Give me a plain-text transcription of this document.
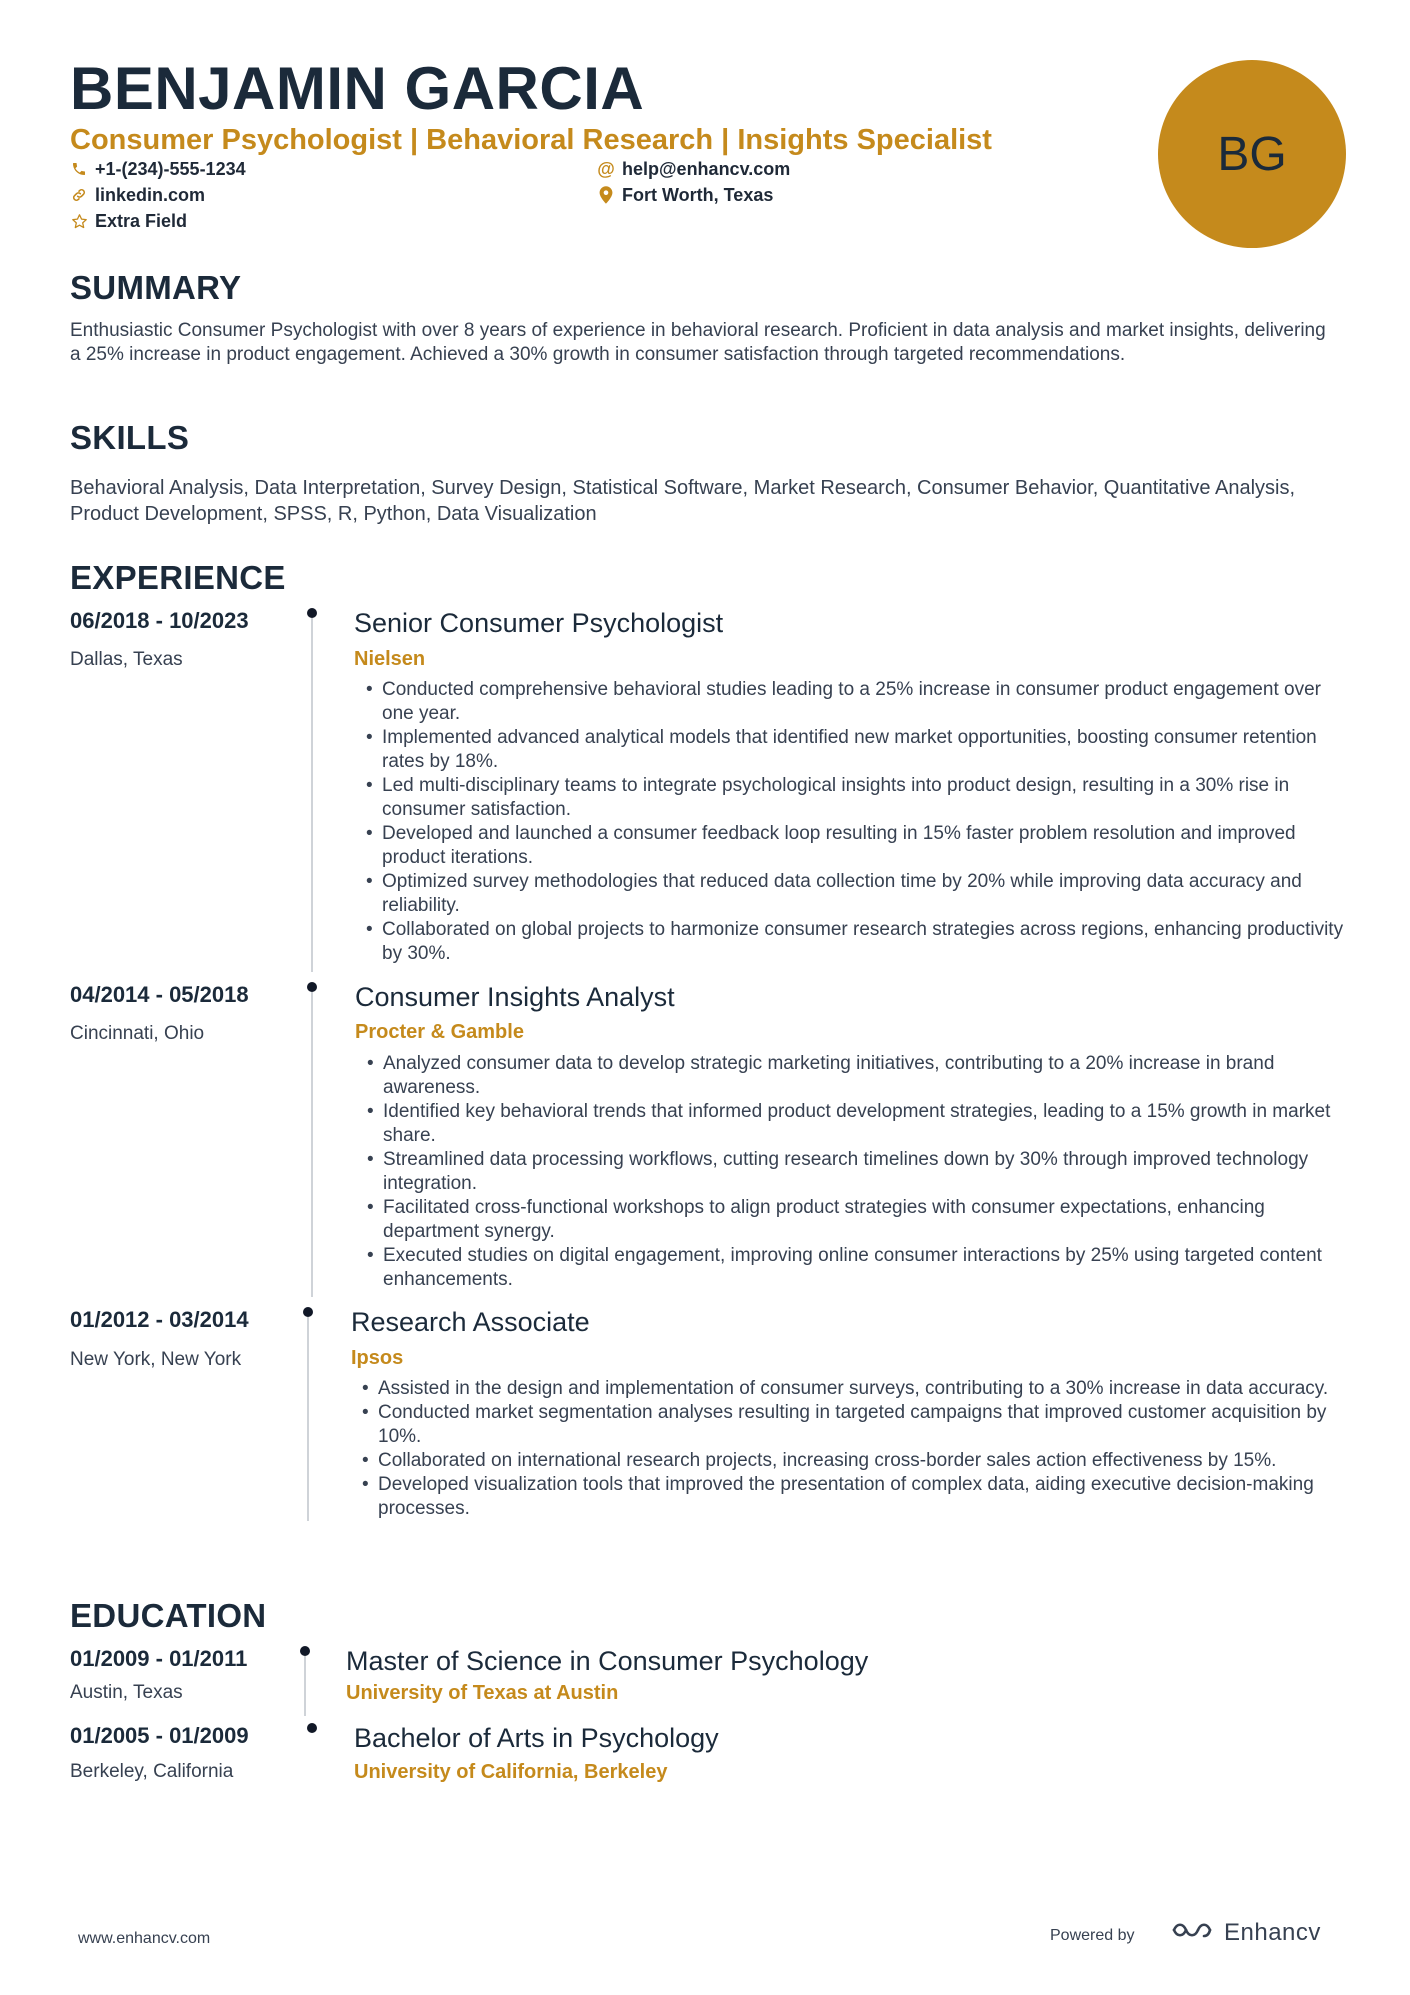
BENJAMIN GARCIA
Consumer Psychologist | Behavioral Research | Insights Specialist
+1-(234)-555-1234	@ help@enhancv.com
linkedin.com	Fort Worth, Texas
Extra Field
BG
SUMMARY
Enthusiastic Consumer Psychologist with over 8 years of experience in behavioral research. Proficient in data analysis and market insights, delivering a 25% increase in product engagement. Achieved a 30% growth in consumer satisfaction through targeted recommendations.
SKILLS
Behavioral Analysis, Data Interpretation, Survey Design, Statistical Software, Market Research, Consumer Behavior, Quantitative Analysis, Product Development, SPSS, R, Python, Data Visualization
EXPERIENCE
06/2018 - 10/2023
Dallas, Texas
Senior Consumer Psychologist
Nielsen
• Conducted comprehensive behavioral studies leading to a 25% increase in consumer product engagement over one year.
• Implemented advanced analytical models that identified new market opportunities, boosting consumer retention rates by 18%.
• Led multi-disciplinary teams to integrate psychological insights into product design, resulting in a 30% rise in consumer satisfaction.
• Developed and launched a consumer feedback loop resulting in 15% faster problem resolution and improved product iterations.
• Optimized survey methodologies that reduced data collection time by 20% while improving data accuracy and reliability.
• Collaborated on global projects to harmonize consumer research strategies across regions, enhancing productivity by 30%.
04/2014 - 05/2018
Cincinnati, Ohio
Consumer Insights Analyst
Procter & Gamble
• Analyzed consumer data to develop strategic marketing initiatives, contributing to a 20% increase in brand awareness.
• Identified key behavioral trends that informed product development strategies, leading to a 15% growth in market share.
• Streamlined data processing workflows, cutting research timelines down by 30% through improved technology integration.
• Facilitated cross-functional workshops to align product strategies with consumer expectations, enhancing department synergy.
• Executed studies on digital engagement, improving online consumer interactions by 25% using targeted content enhancements.
01/2012 - 03/2014
New York, New York
Research Associate
Ipsos
• Assisted in the design and implementation of consumer surveys, contributing to a 30% increase in data accuracy.
• Conducted market segmentation analyses resulting in targeted campaigns that improved customer acquisition by 10%.
• Collaborated on international research projects, increasing cross-border sales action effectiveness by 15%.
• Developed visualization tools that improved the presentation of complex data, aiding executive decision-making processes.
EDUCATION
01/2009 - 01/2011
Austin, Texas
Master of Science in Consumer Psychology
University of Texas at Austin
01/2005 - 01/2009
Berkeley, California
Bachelor of Arts in Psychology
University of California, Berkeley
www.enhancv.com	Powered by	Enhancv
